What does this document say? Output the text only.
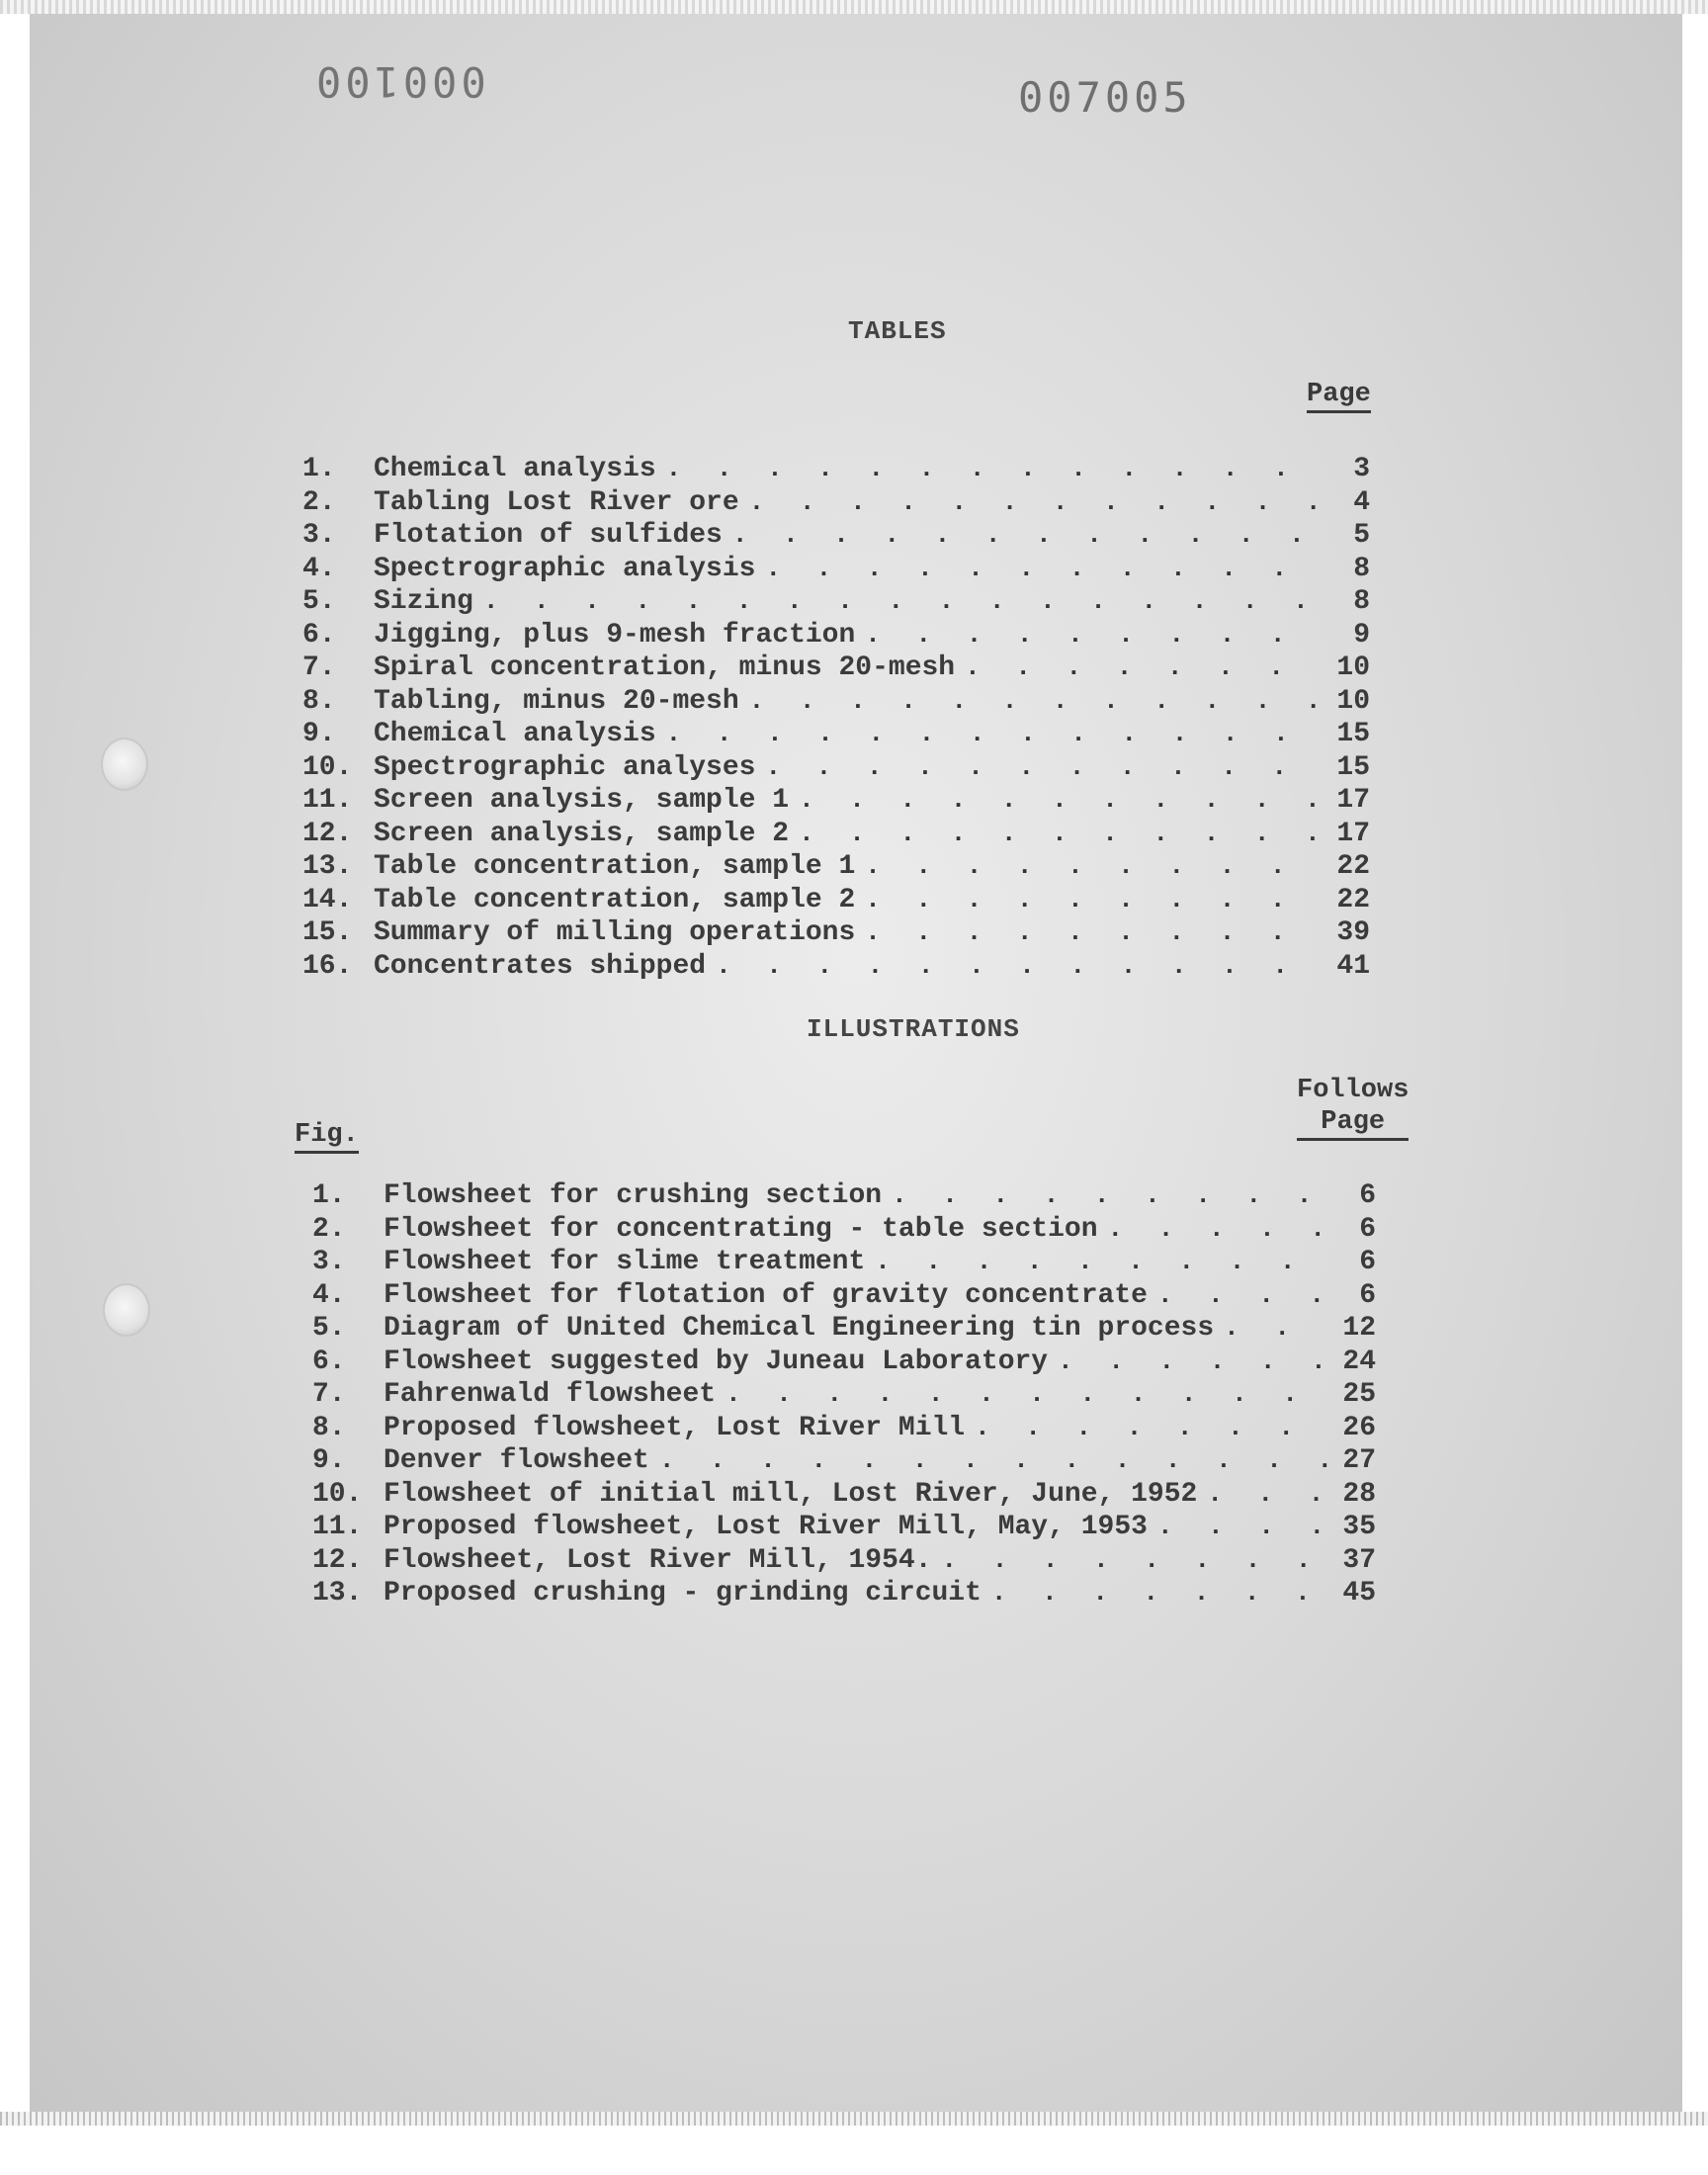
000100	007005
TABLES
Page
1.	Chemical analysis . . .	3
2.	Tabling Lost River ore . . .	4
3.	Flotation of sulfides . . .	5
4.	Spectrographic analysis . . .	8
5.	Sizing . . .	8
6.	Jigging, plus 9-mesh fraction . . .	9
7.	Spiral concentration, minus 20-mesh . . .	10
8.	Tabling, minus 20-mesh . . .	10
9.	Chemical analysis . . .	15
10. Spectrographic analyses . . .	15
11. Screen analysis, sample 1 . . .	17
12. Screen analysis, sample 2 . . .	17
13. Table concentration, sample 1 . . .	22
14. Table concentration, sample 2 . . .	22
15. Summary of milling operations . . .	39
16. Concentrates shipped . . .	41
ILLUSTRATIONS
Follows
Page
Fig.
1.	Flowsheet for crushing section . . .	6
2.	Flowsheet for concentrating - table section . . .	6
3.	Flowsheet for slime treatment . . .	6
4.	Flowsheet for flotation of gravity concentrate . . .	6
5.	Diagram of United Chemical Engineering tin process . . .	12
6.	Flowsheet suggested by Juneau Laboratory . . .	24
7.	Fahrenwald flowsheet . . .	25
8.	Proposed flowsheet, Lost River Mill . . .	26
9.	Denver flowsheet . . .	27
10. Flowsheet of initial mill, Lost River, June, 1952 . . .	28
11. Proposed flowsheet, Lost River Mill, May, 1953 . . .	35
12. Flowsheet, Lost River Mill, 1954. . . .	37
13. Proposed crushing - grinding circuit . . .	45
